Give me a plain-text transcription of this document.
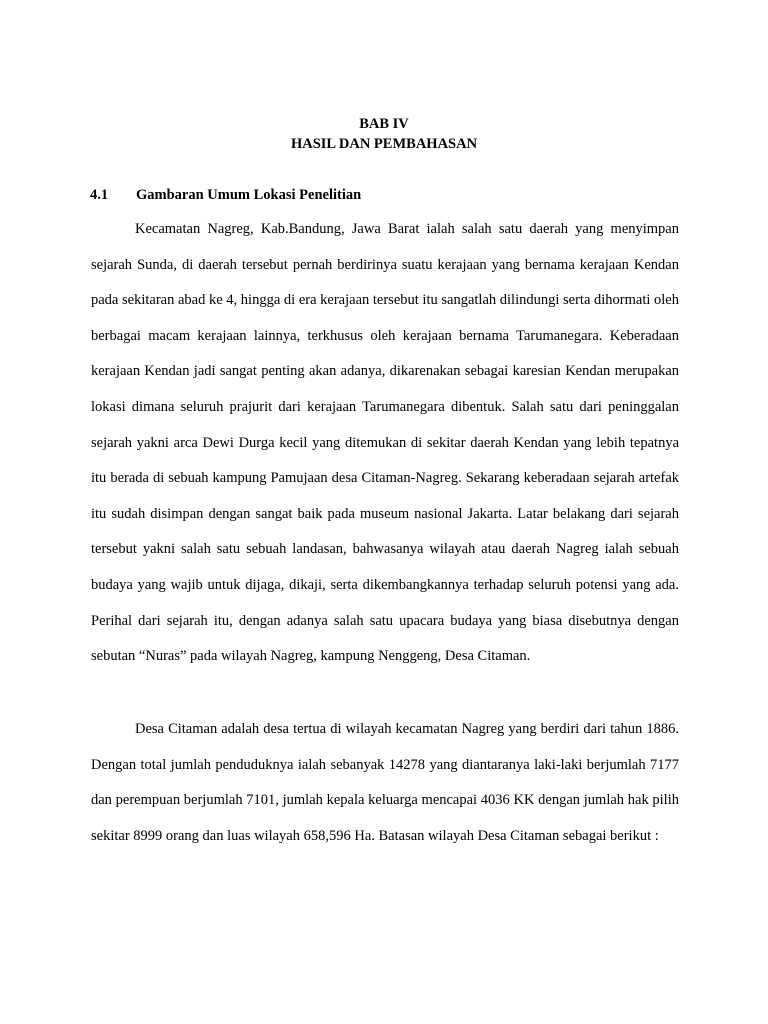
BAB IV

HASIL DAN PEMBAHASAN

4.1 Gambaran Umum Lokasi Penelitian

Kecamatan Nagreg, Kab.Bandung, Jawa Barat ialah salah satu daerah yang menyimpan sejarah Sunda, di daerah tersebut pernah berdirinya suatu kerajaan yang bernama kerajaan Kendan pada sekitaran abad ke 4, hingga di era kerajaan tersebut itu sangatlah dilindungi serta dihormati oleh berbagai macam kerajaan lainnya, terkhusus oleh kerajaan bernama Tarumanegara. Keberadaan kerajaan Kendan jadi sangat penting akan adanya, dikarenakan sebagai karesian Kendan merupakan lokasi dimana seluruh prajurit dari kerajaan Tarumanegara dibentuk. Salah satu dari peninggalan sejarah yakni arca Dewi Durga kecil yang ditemukan di sekitar daerah Kendan yang lebih tepatnya itu berada di sebuah kampung Pamujaan desa Citaman-Nagreg. Sekarang keberadaan sejarah artefak itu sudah disimpan dengan sangat baik pada museum nasional Jakarta. Latar belakang dari sejarah tersebut yakni salah satu sebuah landasan, bahwasanya wilayah atau daerah Nagreg ialah sebuah budaya yang wajib untuk dijaga, dikaji, serta dikembangkannya terhadap seluruh potensi yang ada. Perihal dari sejarah itu, dengan adanya salah satu upacara budaya yang biasa disebutnya dengan sebutan “Nuras” pada wilayah Nagreg, kampung Nenggeng, Desa Citaman.

Desa Citaman adalah desa tertua di wilayah kecamatan Nagreg yang berdiri dari tahun 1886. Dengan total jumlah penduduknya ialah sebanyak 14278 yang diantaranya laki-laki berjumlah 7177 dan perempuan berjumlah 7101, jumlah kepala keluarga mencapai 4036 KK dengan jumlah hak pilih sekitar 8999 orang dan luas wilayah 658,596 Ha. Batasan wilayah Desa Citaman sebagai berikut :
